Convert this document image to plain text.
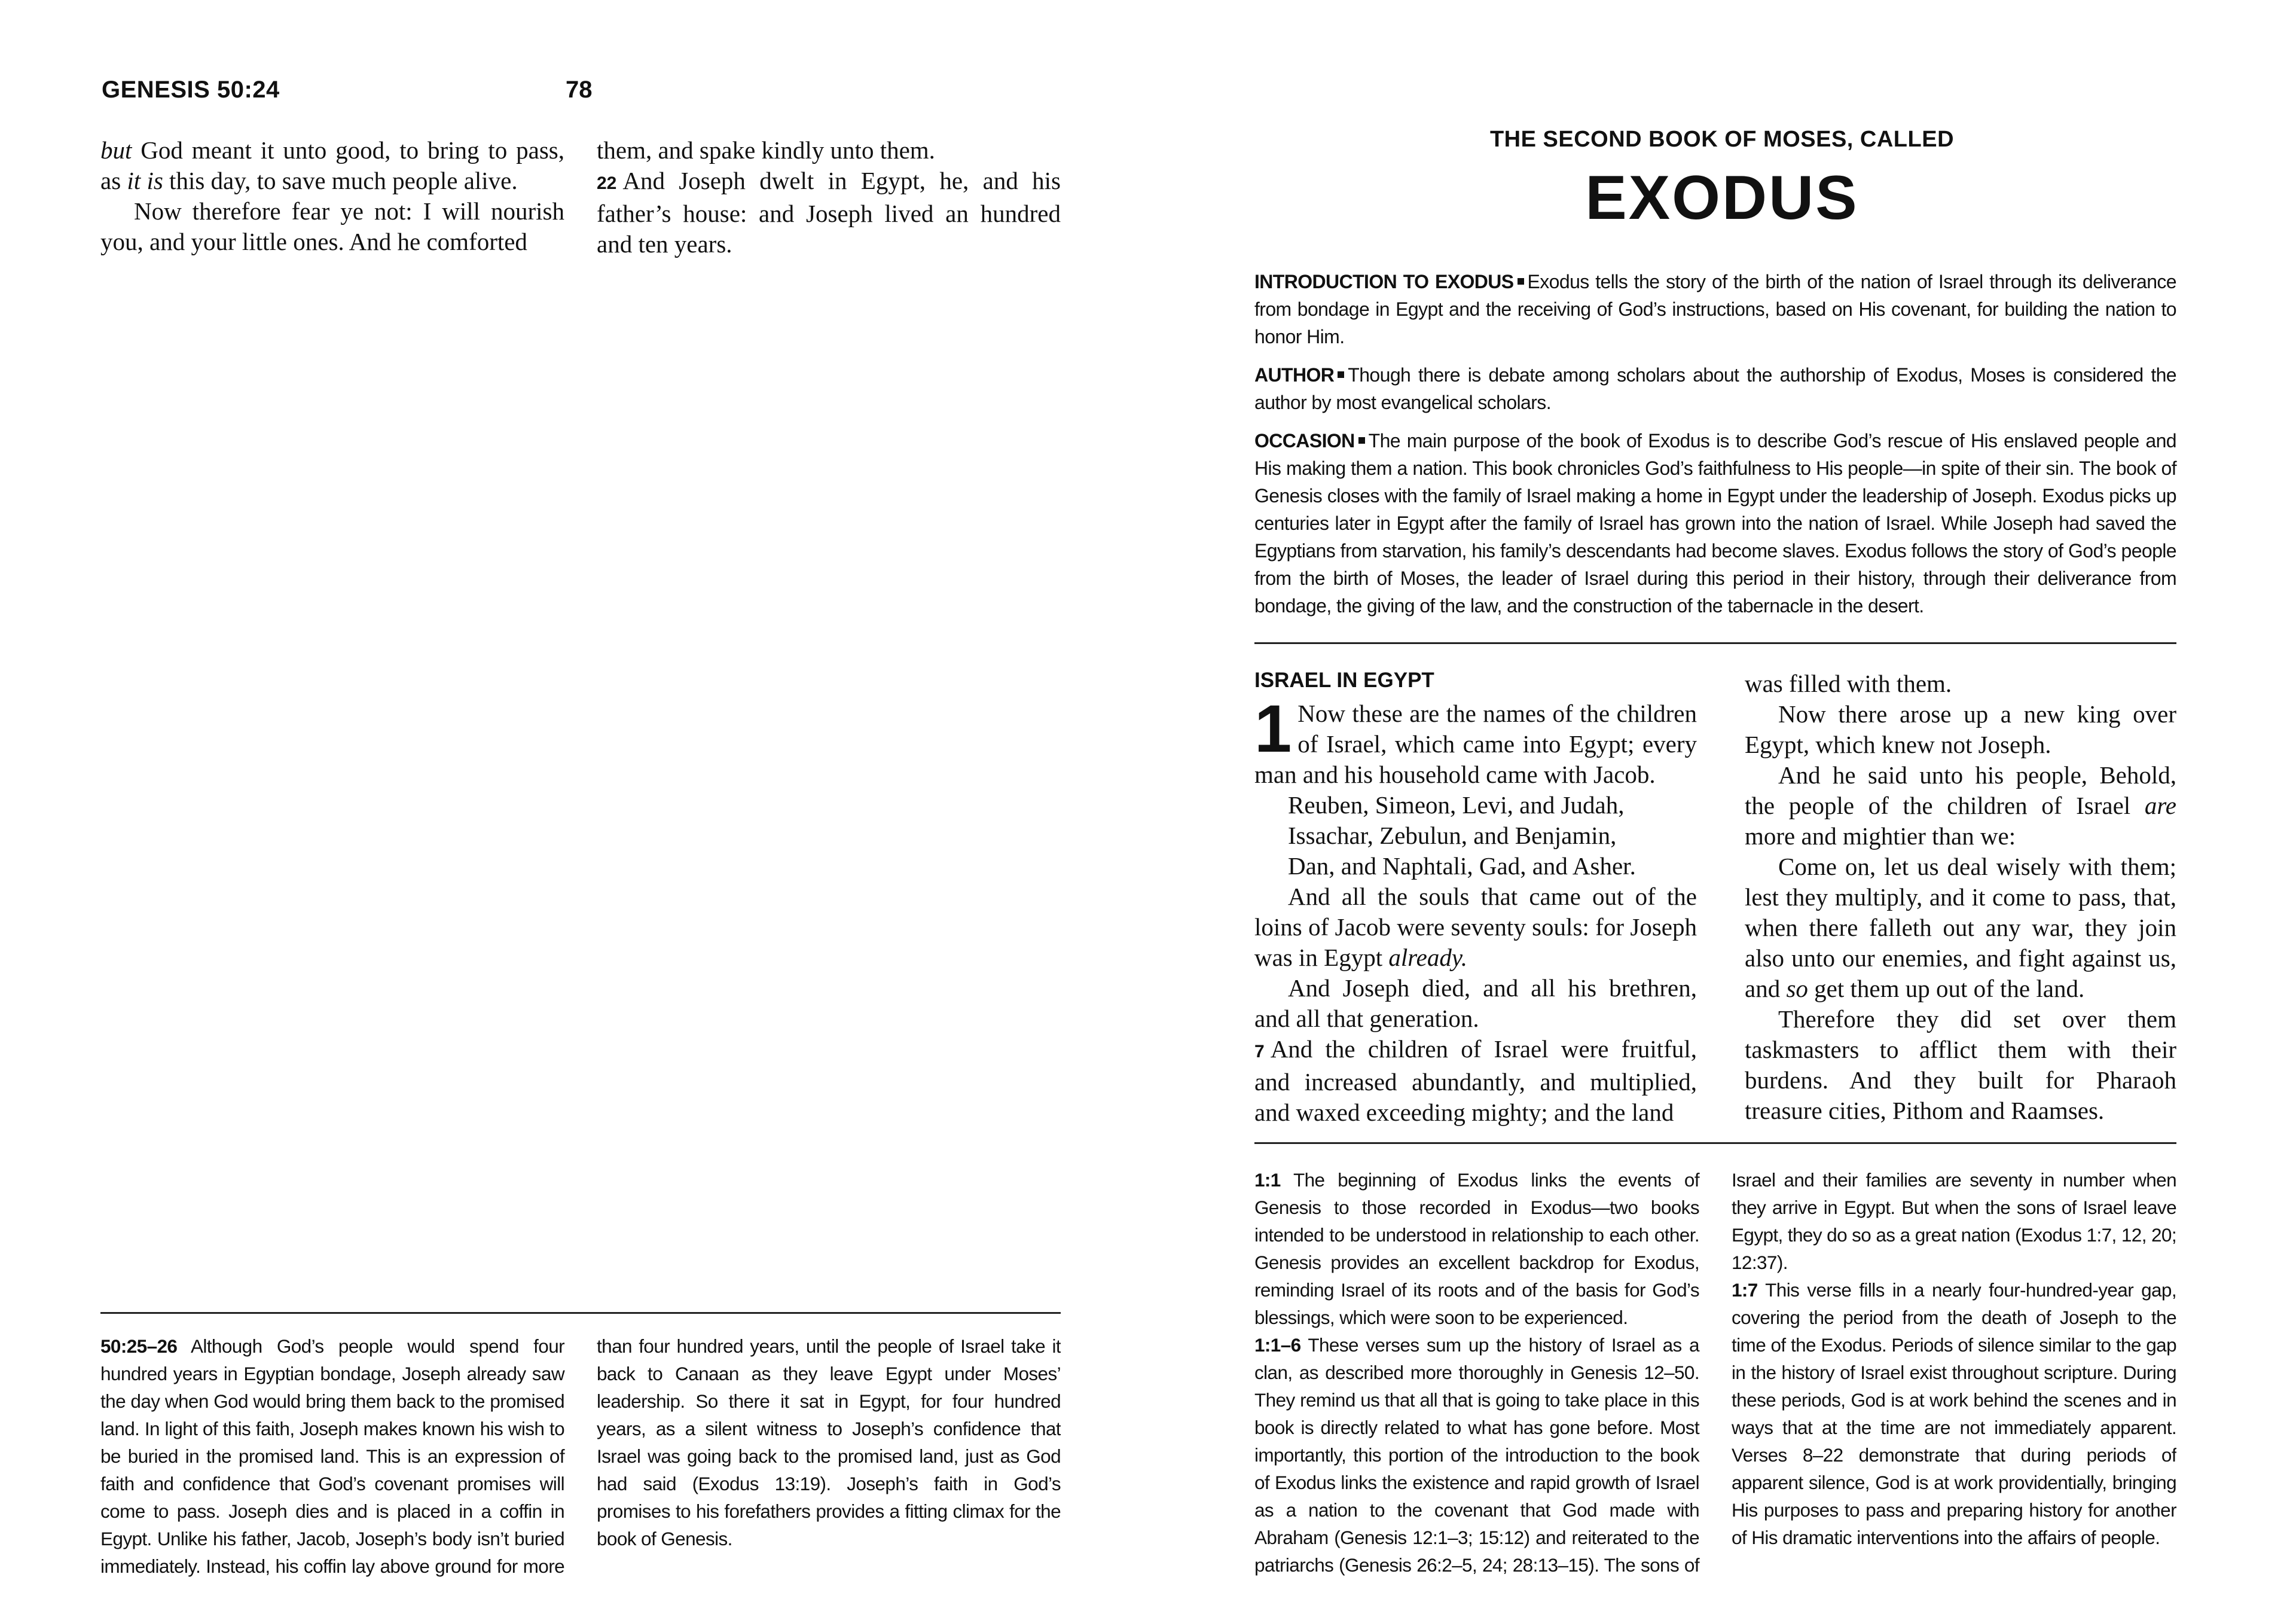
GENESIS 50:24	78

but God meant it unto good, to bring to pass, as it is this day, to save much people alive.

Now therefore fear ye not: I will nourish you, and your little ones. And he comforted

them, and spake kindly unto them.

22 And Joseph dwelt in Egypt, he, and his father’s house: and Joseph lived an hundred and ten years.

50:25–26 Although God’s people would spend four hundred years in Egyptian bondage, Joseph already saw the day when God would bring them back to the promised land. In light of this faith, Joseph makes known his wish to be buried in the promised land. This is an expression of faith and confidence that God’s covenant promises will come to pass. Joseph dies and is placed in a coffin in Egypt. Unlike his father, Jacob, Joseph’s body isn’t buried immediately. Instead, his coffin lay above ground for more than four hundred years, until the people of Israel take it back to Canaan as they leave Egypt under Moses’ leadership. So there it sat in Egypt, for four hundred years, as a silent witness to Joseph’s confidence that Israel was going back to the promised land, just as God had said (Exodus 13:19). Joseph’s faith in God’s promises to his forefathers provides a fitting climax for the book of Genesis.

THE SECOND BOOK OF MOSES, CALLED
EXODUS
INTRODUCTION TO EXODUS Exodus tells the story of the birth of the nation of Israel through its deliverance from bondage in Egypt and the receiving of God’s instructions, based on His covenant, for building the nation to honor Him.
AUTHOR Though there is debate among scholars about the authorship of Exodus, Moses is considered the author by most evangelical scholars.
OCCASION The main purpose of the book of Exodus is to describe God’s rescue of His enslaved people and His making them a nation. This book chronicles God’s faithfulness to His people—in spite of their sin. The book of Genesis closes with the family of Israel making a home in Egypt under the leadership of Joseph. Exodus picks up centuries later in Egypt after the family of Israel has grown into the nation of Israel. While Joseph had saved the Egyptians from starvation, his family’s descendants had become slaves. Exodus follows the story of God’s people from the birth of Moses, the leader of Israel during this period in their history, through their deliverance from bondage, the giving of the law, and the construction of the tabernacle in the desert.
ISRAEL IN EGYPT

1 Now these are the names of the children of Israel, which came into Egypt; every man and his household came with Jacob.

Reuben, Simeon, Levi, and Judah,

Issachar, Zebulun, and Benjamin,

Dan, and Naphtali, Gad, and Asher.

And all the souls that came out of the loins of Jacob were seventy souls: for Joseph was in Egypt already.

And Joseph died, and all his brethren, and all that generation.

7 And the children of Israel were fruitful, and increased abundantly, and multiplied, and waxed exceeding mighty; and the land

was filled with them.

Now there arose up a new king over Egypt, which knew not Joseph.

And he said unto his people, Behold, the people of the children of Israel are more and mightier than we:

Come on, let us deal wisely with them; lest they multiply, and it come to pass, that, when there falleth out any war, they join also unto our enemies, and fight against us, and so get them up out of the land.

Therefore they did set over them taskmasters to afflict them with their burdens. And they built for Pharaoh treasure cities, Pithom and Raamses.

1:1 The beginning of Exodus links the events of Genesis to those recorded in Exodus—two books intended to be understood in relationship to each other. Genesis provides an excellent backdrop for Exodus, reminding Israel of its roots and of the basis for God’s blessings, which were soon to be experienced.

1:1–6 These verses sum up the history of Israel as a clan, as described more thoroughly in Genesis 12–50. They remind us that all that is going to take place in this book is directly related to what has gone before. Most importantly, this portion of the introduction to the book of Exodus links the existence and rapid growth of Israel as a nation to the covenant that God made with Abraham (Genesis 12:1–3; 15:12) and reiterated to the patriarchs (Genesis 26:2–5, 24; 28:13–15). The sons of Israel and their families are seventy in number when they arrive in Egypt. But when the sons of Israel leave Egypt, they do so as a great nation (Exodus 1:7, 12, 20; 12:37).

1:7 This verse fills in a nearly four-hundred-year gap, covering the period from the death of Joseph to the time of the Exodus. Periods of silence similar to the gap in the history of Israel exist throughout scripture. During these periods, God is at work behind the scenes and in ways that at the time are not immediately apparent. Verses 8–22 demonstrate that during periods of apparent silence, God is at work providentially, bringing His purposes to pass and preparing history for another of His dramatic interventions into the affairs of people.
